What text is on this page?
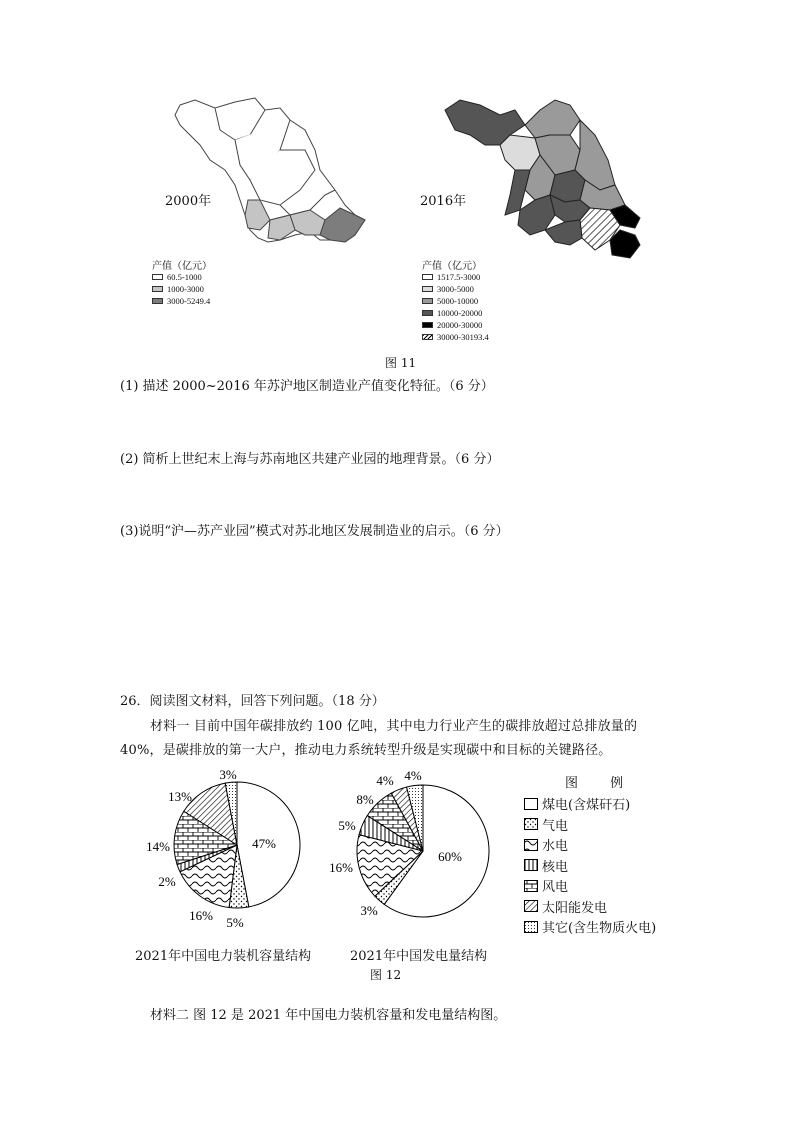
2000年
产值（亿元）
60.5-1000
1000-3000
3000-5249.4
2016年
产值（亿元）
1517.5-3000
3000-5000
5000-10000
10000-20000
20000-30000
30000-30193.4
图 11
(1) 描述 2000~2016 年苏沪地区制造业产值变化特征。（6 分）
(2) 简析上世纪末上海与苏南地区共建产业园的地理背景。（6 分）
(3)说明“沪—苏产业园”模式对苏北地区发展制造业的启示。（6 分）
26．阅读图文材料，回答下列问题。（18 分）
材料一 目前中国年碳排放约 100 亿吨，其中电力行业产生的碳排放超过总排放量的
40%，是碳排放的第一大户，推动电力系统转型升级是实现碳中和目标的关键路径。
47%
5%
16%
2%
14%
13%
3%
60%
3%
16%
5%
8%
4% 4%
2021年中国电力装机容量结构	2021年中国发电量结构
图 12
图 例
煤电(含煤矸石)
气电
水电
核电
风电
太阳能发电
其它(含生物质火电)
材料二 图 12 是 2021 年中国电力装机容量和发电量结构图。
